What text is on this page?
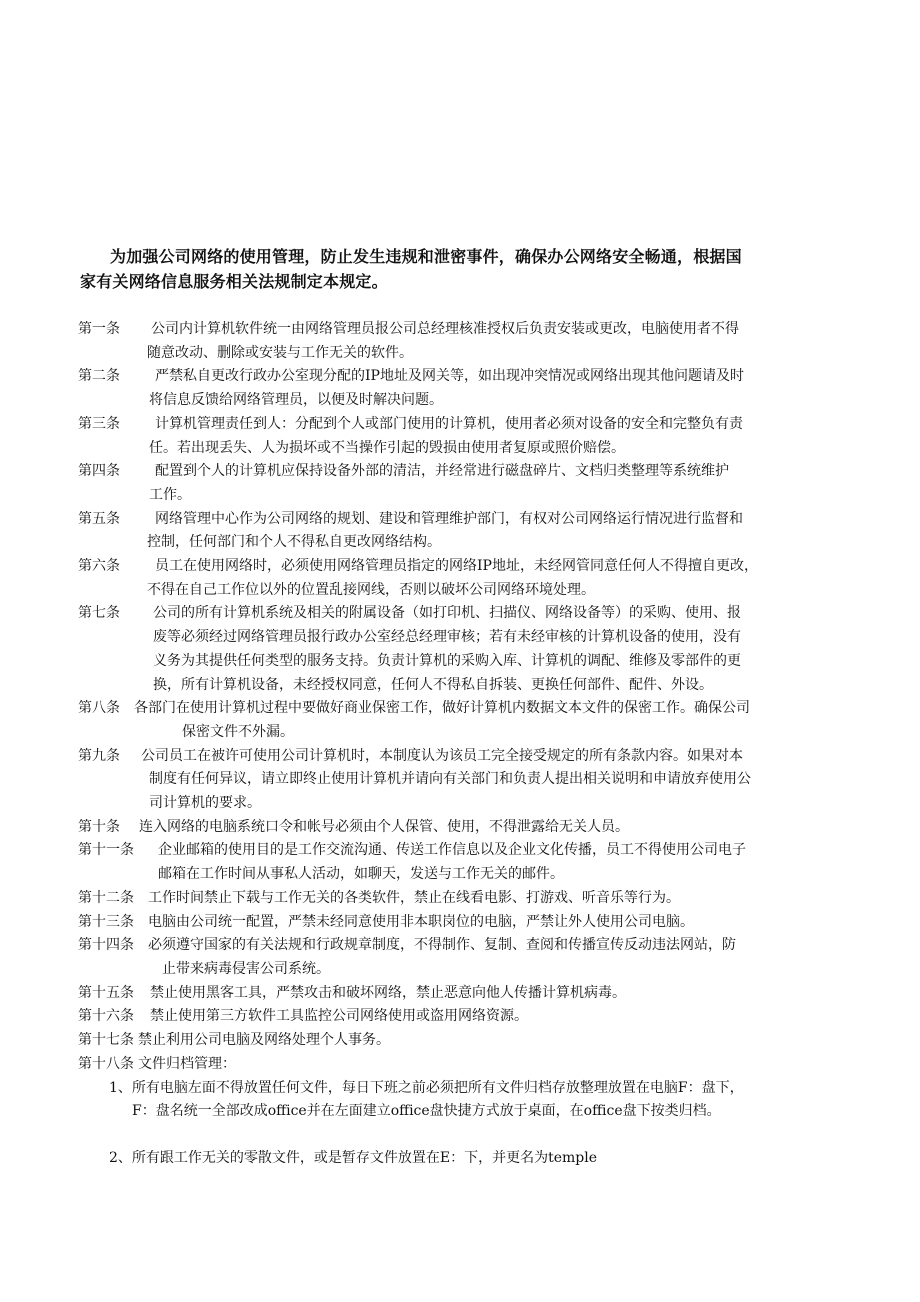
为加强公司网络的使用管理，防止发生违规和泄密事件，确保办公网络安全畅通，根据国
家有关网络信息服务相关法规制定本规定。
第一条 公司内计算机软件统一由网络管理员报公司总经理核准授权后负责安装或更改，电脑使用者不得
随意改动、删除或安装与工作无关的软件。
第二条	严禁私自更改行政办公室现分配的IP地址及网关等，如出现冲突情况或网络出现其他问题请及时
将信息反馈给网络管理员，以便及时解决问题。
第三条	计算机管理责任到人：分配到个人或部门使用的计算机，使用者必须对设备的安全和完整负有责
任。若出现丢失、人为损坏或不当操作引起的毁损由使用者复原或照价赔偿。
第四条	配置到个人的计算机应保持设备外部的清洁，并经常进行磁盘碎片、文档归类整理等系统维护
工作。
第五条	网络管理中心作为公司网络的规划、建设和管理维护部门，有权对公司网络运行情况进行监督和
控制，任何部门和个人不得私自更改网络结构。
第六条	员工在使用网络时，必须使用网络管理员指定的网络IP地址，未经网管同意任何人不得擅自更改，
不得在自己工作位以外的位置乱接网线，否则以破坏公司网络环境处理。
第七条 公司的所有计算机系统及相关的附属设备（如打印机、扫描仪、网络设备等）的采购、使用、报
废等必须经过网络管理员报行政办公室经总经理审核；若有未经审核的计算机设备的使用，没有
义务为其提供任何类型的服务支持。负责计算机的采购入库、计算机的调配、维修及零部件的更
换，所有计算机设备，未经授权同意，任何人不得私自拆装、更换任何部件、配件、外设。
第八条 各部门在使用计算机过程中要做好商业保密工作，做好计算机内数据文本文件的保密工作。确保公司
保密文件不外漏。
第九条 公司员工在被许可使用公司计算机时，本制度认为该员工完全接受规定的所有条款内容。如果对本
制度有任何异议，请立即终止使用计算机并请向有关部门和负责人提出相关说明和申请放弃使用公
司计算机的要求。
第十条 连入网络的电脑系统口令和帐号必须由个人保管、使用，不得泄露给无关人员。
第十一条 企业邮箱的使用目的是工作交流沟通、传送工作信息以及企业文化传播，员工不得使用公司电子
邮箱在工作时间从事私人活动，如聊天，发送与工作无关的邮件。
第十二条 工作时间禁止下载与工作无关的各类软件，禁止在线看电影、打游戏、听音乐等行为。
第十三条 电脑由公司统一配置，严禁未经同意使用非本职岗位的电脑，严禁让外人使用公司电脑。
第十四条 必须遵守国家的有关法规和行政规章制度，不得制作、复制、查阅和传播宣传反动违法网站，防
止带来病毒侵害公司系统。
第十五条 禁止使用黑客工具，严禁攻击和破坏网络，禁止恶意向他人传播计算机病毒。
第十六条 禁止使用第三方软件工具监控公司网络使用或盗用网络资源。
第十七条 禁止利用公司电脑及网络处理个人事务。
第十八条 文件归档管理：
1、所有电脑左面不得放置任何文件，每日下班之前必须把所有文件归档存放整理放置在电脑F：盘下，
F：盘名统一全部改成office并在左面建立office盘快捷方式放于桌面，在office盘下按类归档。
2、所有跟工作无关的零散文件，或是暂存文件放置在E：下，并更名为temple
